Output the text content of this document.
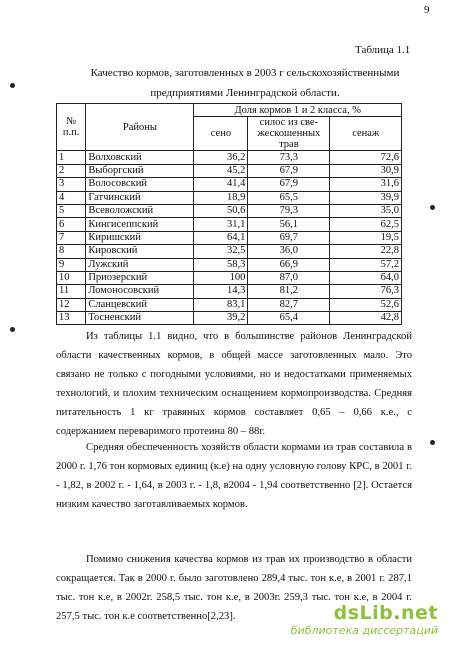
9
Таблица 1.1
Качество кормов, заготовленных в 2003 г сельскохозяйственными
предприятиями Ленинградской области.
№
п.п.	Районы	Доля кормов 1 и 2 класса, %		
		сено	силос из све-
жескошенных
трав	сенаж
1	Волховский	36,2	73,3	72,6
2	Выборгский	45,2	67,9	30,9
3	Волосовский	41,4	67,9	31,6
4	Гатчинский	18,9	65,5	39,9
5	Всеволожский	50,6	79,3	35,0
6	Кингисеппский	31,1	56,1	62,5
7	Киришский	64,1	69,7	19,5
8	Кировский	32,5	36,0	22,8
9	Лужский	58,3	66,9	57,2
10	Приозерский	100	87,0	64,0
11	Ломоносовский	14,3	81,2	76,3
12	Сланцевский	83,1	82,7	52,6
13	Тосненский	39,2	65,4	42,8
Из таблицы 1.1 видно, что в большинстве районов Ленинградской области качественных кормов, в общей массе заготовленных мало. Это связано не только с погодными условиями, но и недостатками применяемых технологий, и плохим техническим оснащением кормопроизводства. Средняя питательность 1 кг травяных кормов составляет 0,65 – 0,66 к.е., с содержанием переваримого протеина 80 – 88г.
Средняя обеспеченность хозяйств области кормами из трав составила в 2000 г. 1,76 тон кормовых единиц (к.е) на одну условную голову КРС, в 2001 г. - 1,82, в 2002 г. - 1,64, в 2003 г. - 1,8, в2004 - 1,94 соответственно [2]. Остается низким качество заготавливаемых кормов.
Помимо снижения качества кормов из трав их производство в области сокращается. Так в 2000 г. было заготовлено 289,4 тыс. тон к.е, в 2001 г. 287,1 тыс. тон к.е, в 2002г. 258,5 тыс. тон к.е, в 2003г. 259,3 тыс. тон к.е, в 2004 г. 257,5 тыс. тон к.е соответственно[2,23].	dsLib.net
библиотека диссертаций
